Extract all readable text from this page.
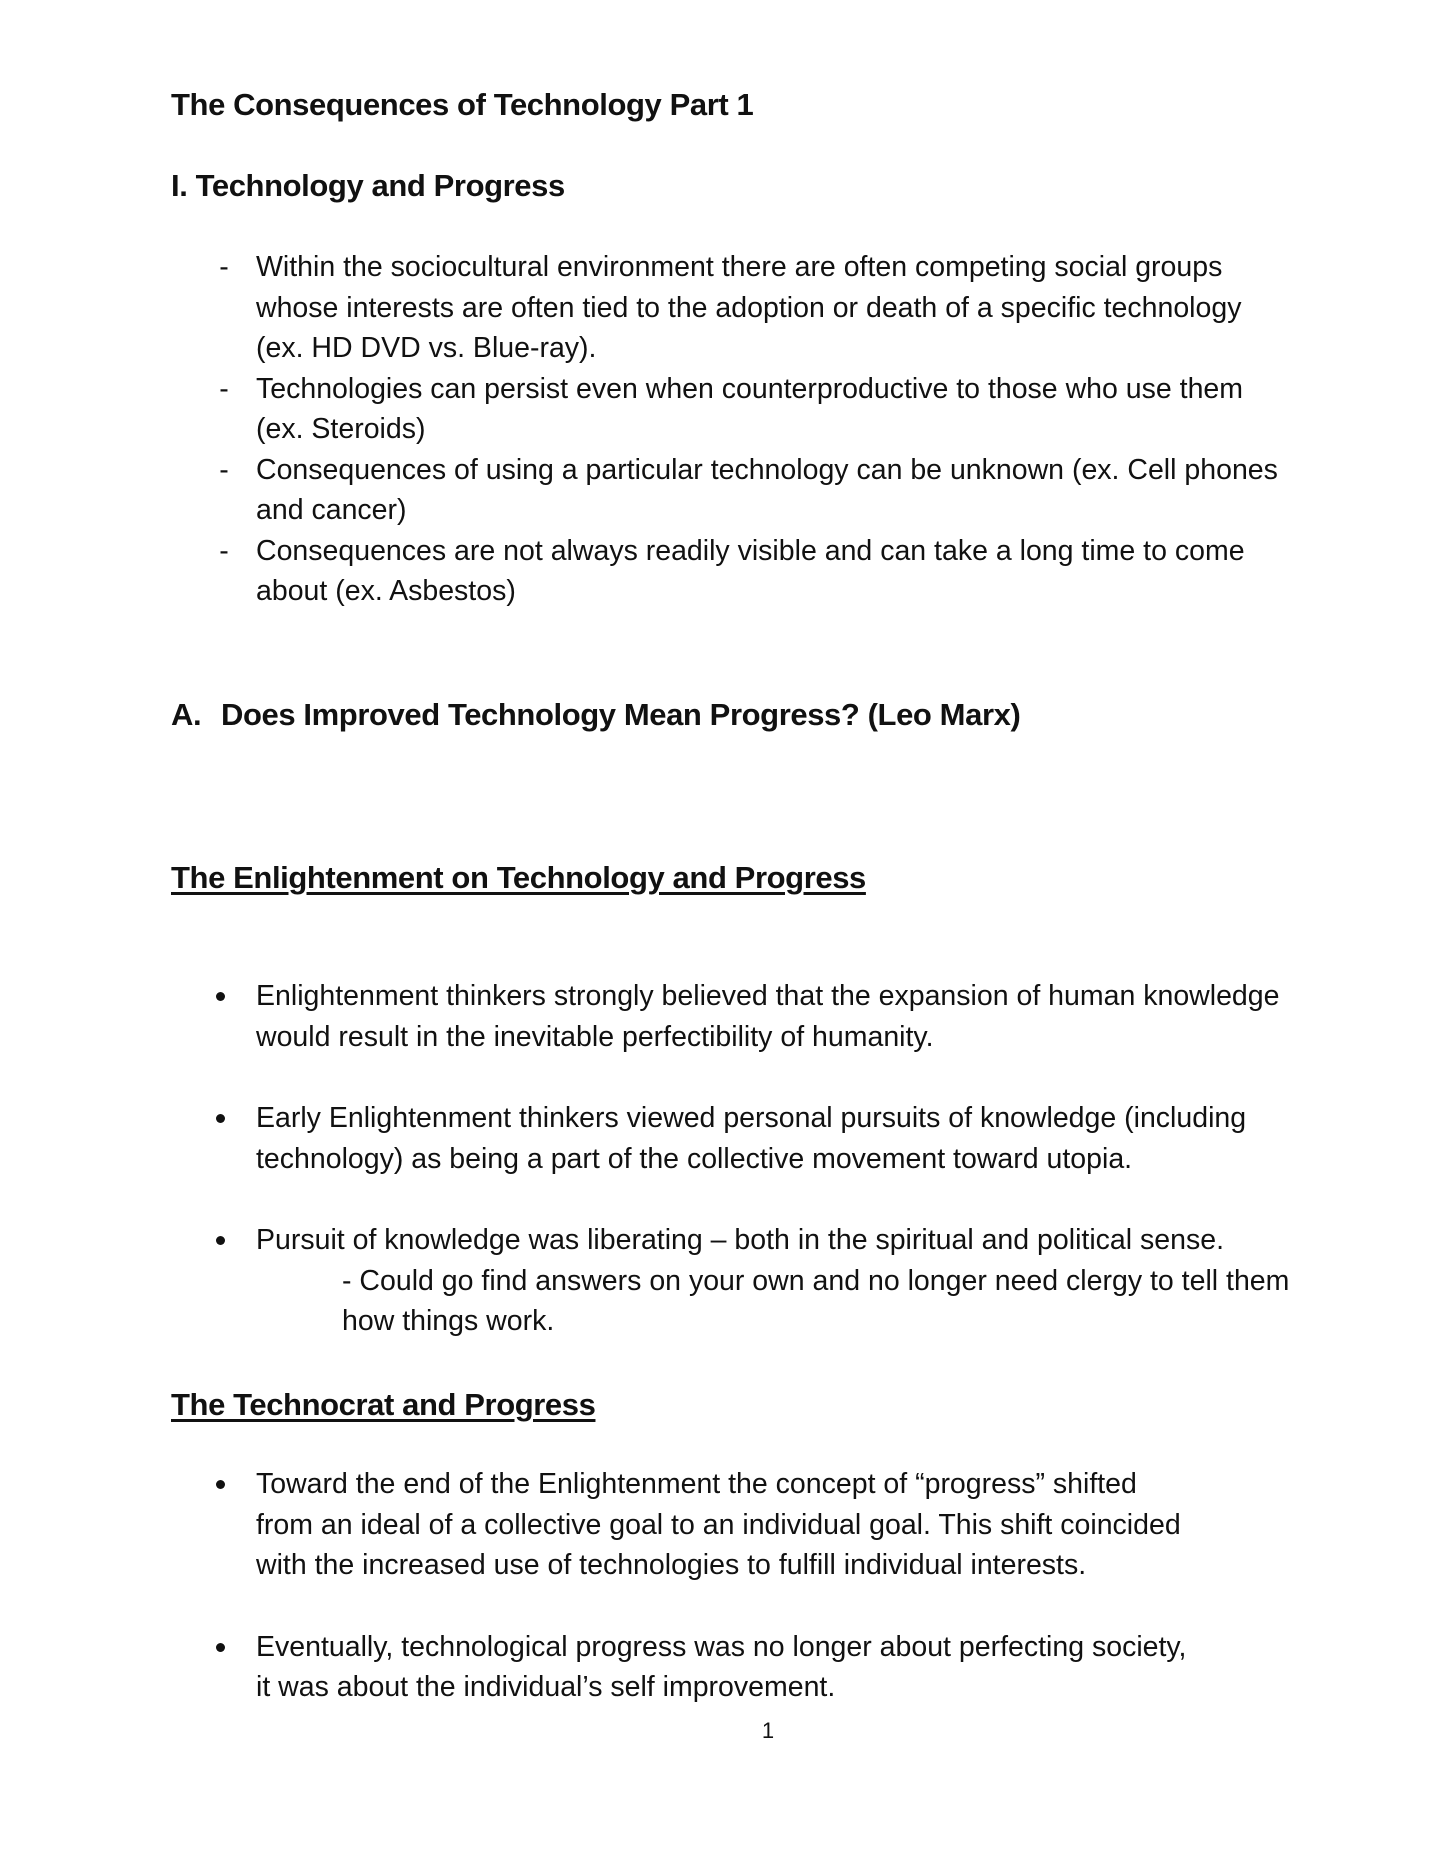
The Consequences of Technology Part 1
I. Technology and Progress
- Within the sociocultural environment there are often competing social groups
whose interests are often tied to the adoption or death of a specific technology
(ex. HD DVD vs. Blue-ray).
- Technologies can persist even when counterproductive to those who use them
(ex. Steroids)
- Consequences of using a particular technology can be unknown (ex. Cell phones
and cancer)
- Consequences are not always readily visible and can take a long time to come
about (ex. Asbestos)
A. Does Improved Technology Mean Progress? (Leo Marx)
The Enlightenment on Technology and Progress
Enlightenment thinkers strongly believed that the expansion of human knowledge
would result in the inevitable perfectibility of humanity.
Early Enlightenment thinkers viewed personal pursuits of knowledge (including
technology) as being a part of the collective movement toward utopia.
Pursuit of knowledge was liberating – both in the spiritual and political sense.
- Could go find answers on your own and no longer need clergy to tell them
how things work.
The Technocrat and Progress
Toward the end of the Enlightenment the concept of “progress” shifted
from an ideal of a collective goal to an individual goal. This shift coincided
with the increased use of technologies to fulfill individual interests.
Eventually, technological progress was no longer about perfecting society,
it was about the individual’s self improvement.
1
